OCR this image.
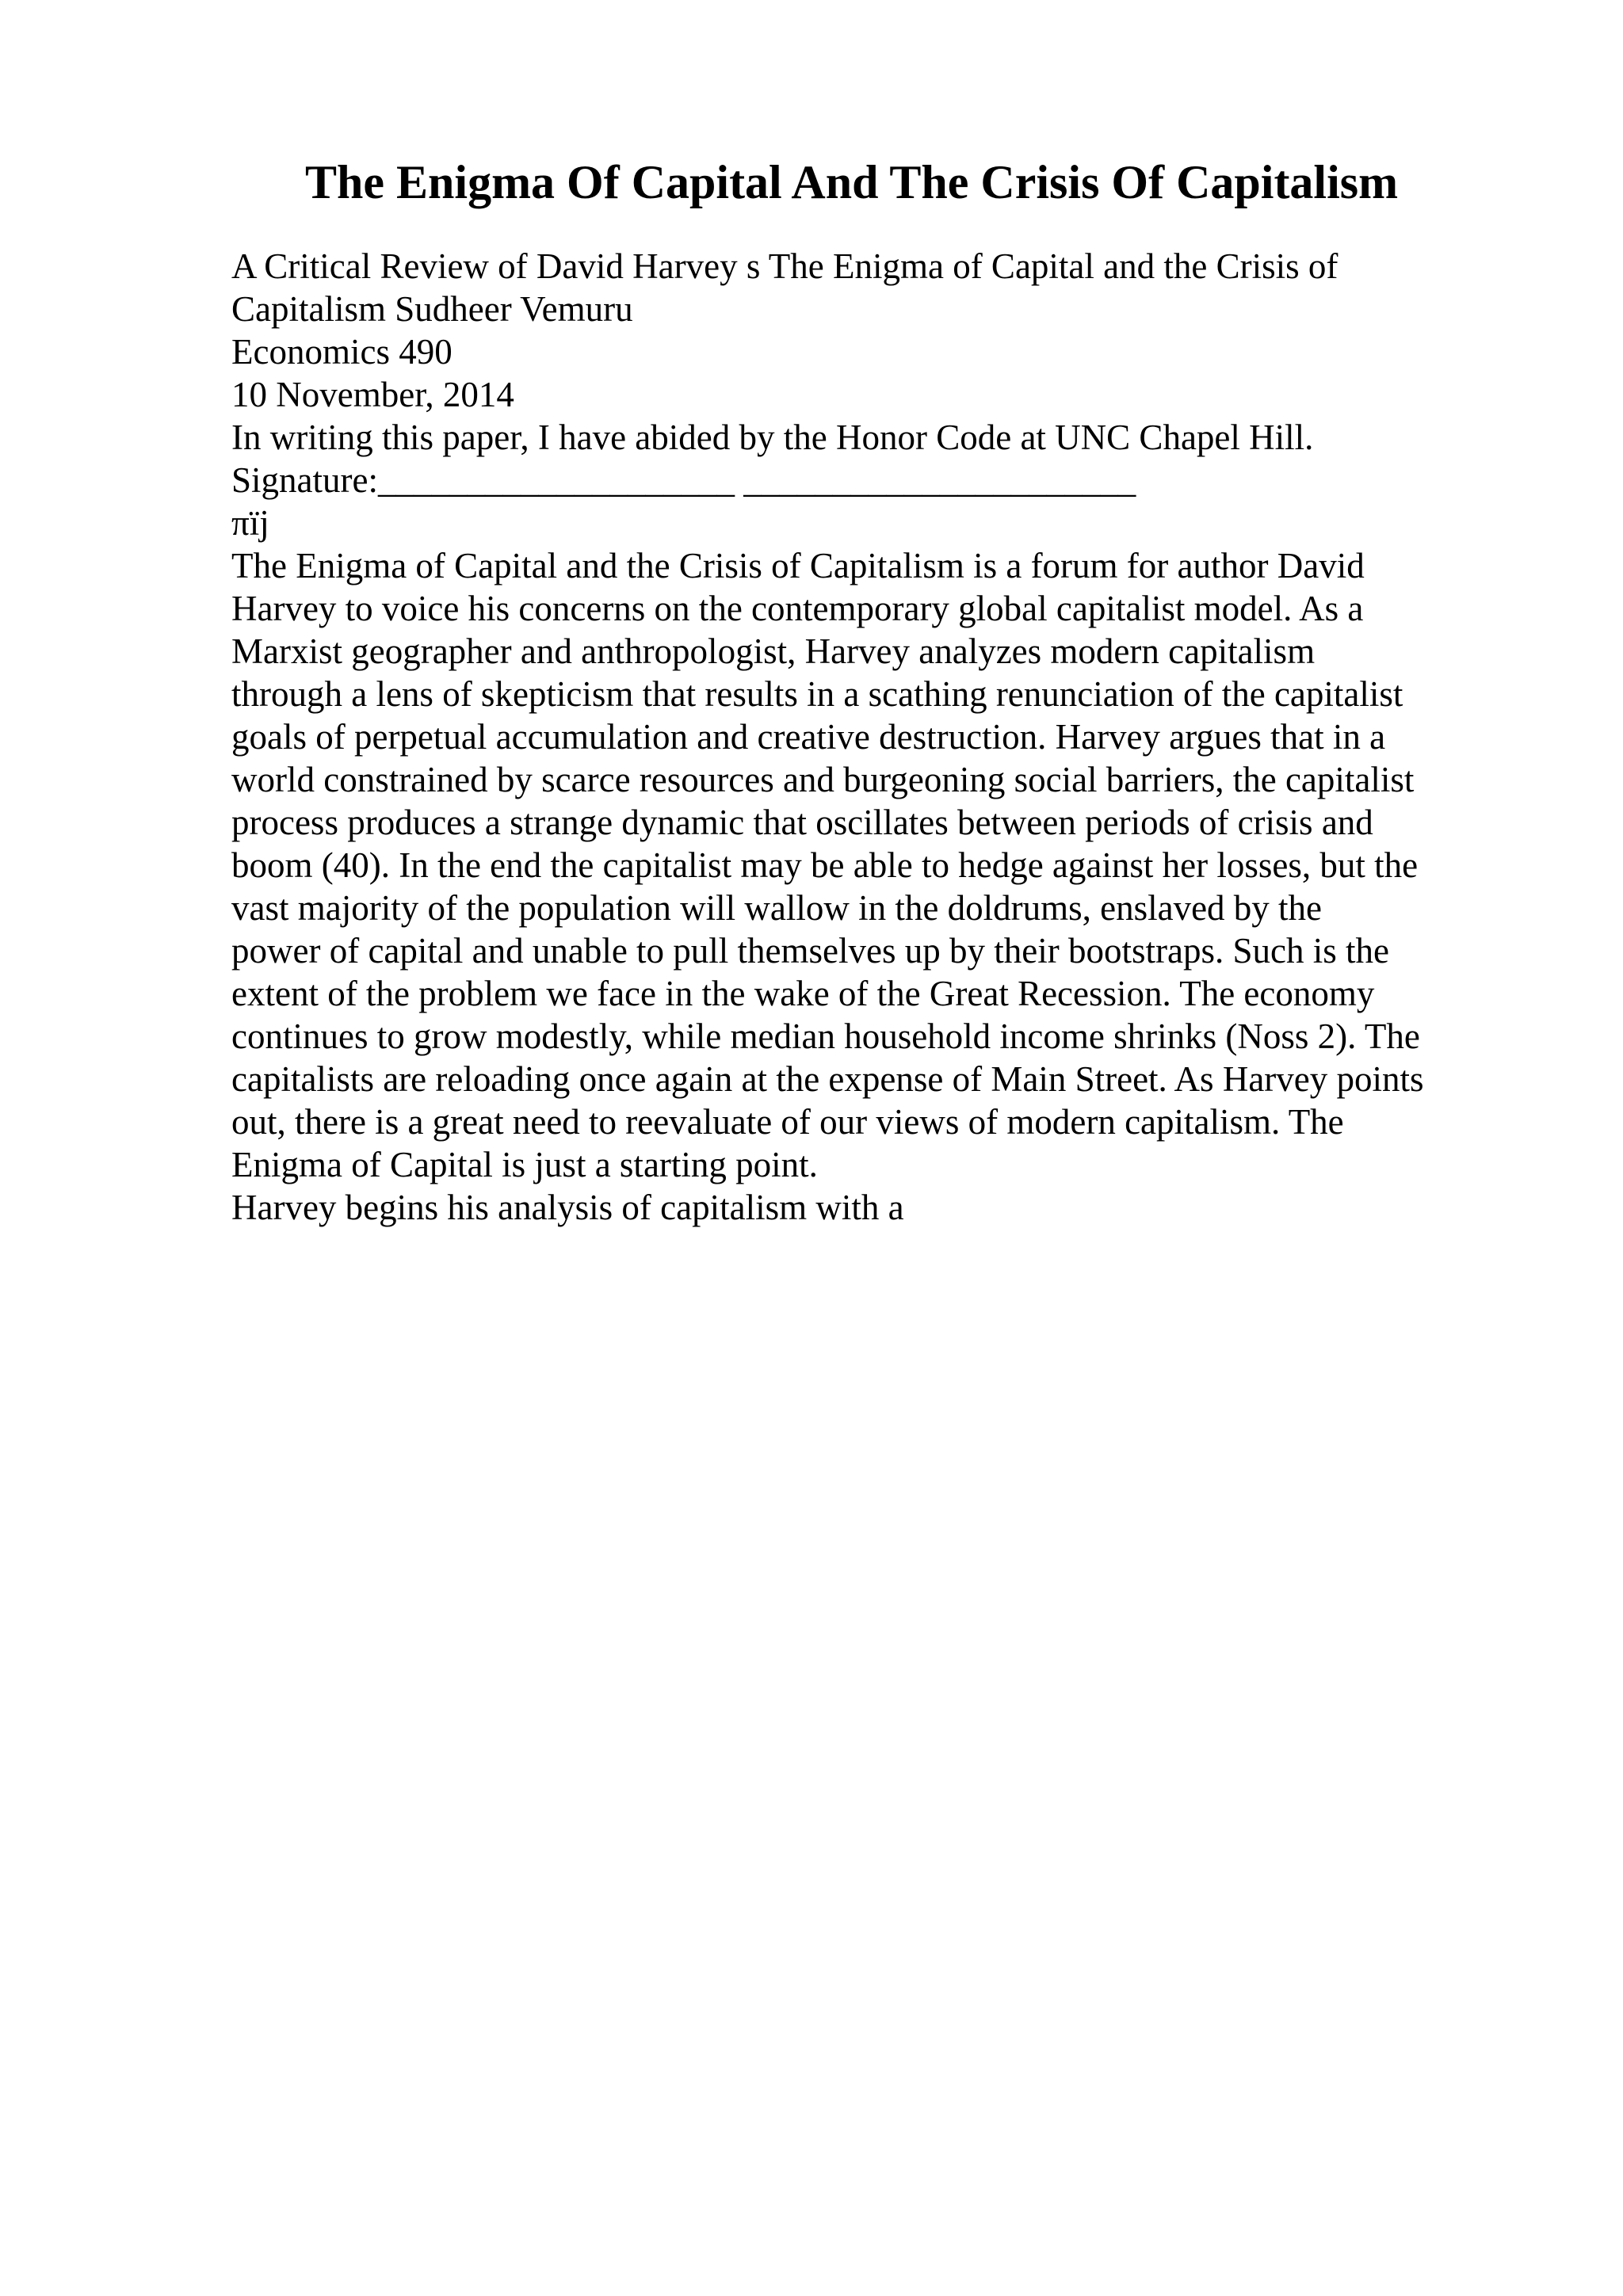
The Enigma Of Capital And The Crisis Of Capitalism
A Critical Review of David Harvey s The Enigma of Capital and the Crisis of
Capitalism Sudheer Vemuru
Economics 490
10 November, 2014
In writing this paper, I have abided by the Honor Code at UNC Chapel Hill.
Signature:____________________ ______________________
πïj
The Enigma of Capital and the Crisis of Capitalism is a forum for author David
Harvey to voice his concerns on the contemporary global capitalist model. As a
Marxist geographer and anthropologist, Harvey analyzes modern capitalism
through a lens of skepticism that results in a scathing renunciation of the capitalist
goals of perpetual accumulation and creative destruction. Harvey argues that in a
world constrained by scarce resources and burgeoning social barriers, the capitalist
process produces a strange dynamic that oscillates between periods of crisis and
boom (40). In the end the capitalist may be able to hedge against her losses, but the
vast majority of the population will wallow in the doldrums, enslaved by the
power of capital and unable to pull themselves up by their bootstraps. Such is the
extent of the problem we face in the wake of the Great Recession. The economy
continues to grow modestly, while median household income shrinks (Noss 2). The
capitalists are reloading once again at the expense of Main Street. As Harvey points
out, there is a great need to reevaluate of our views of modern capitalism. The
Enigma of Capital is just a starting point.
Harvey begins his analysis of capitalism with a
